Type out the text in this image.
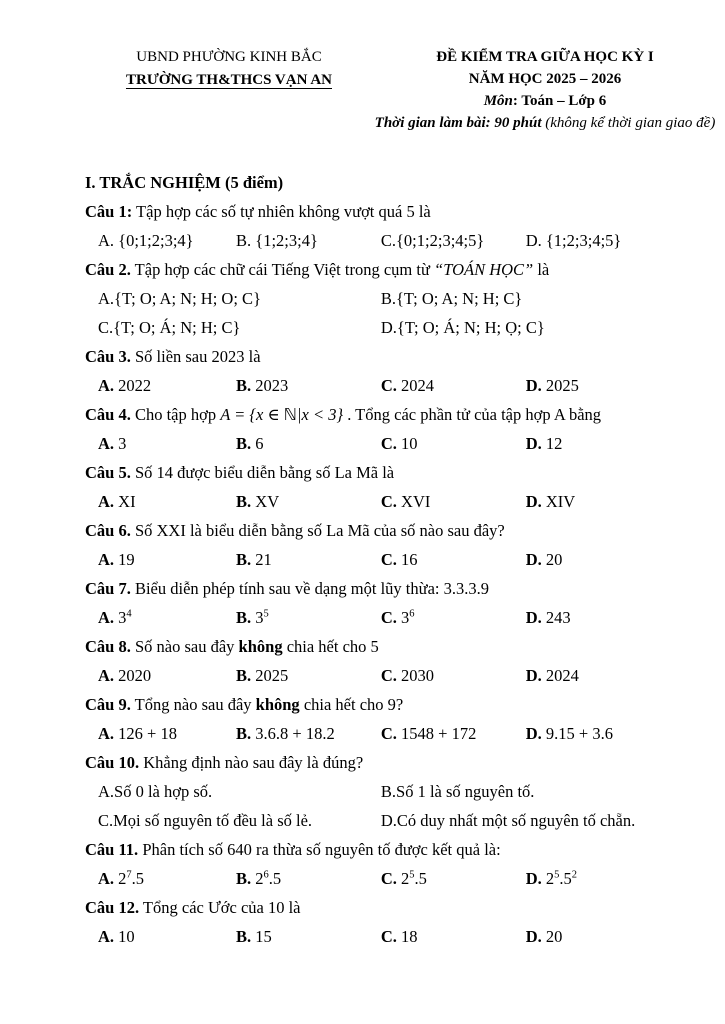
UBND PHƯỜNG KINH BẮC
TRƯỜNG TH&THCS VẠN AN
ĐỀ KIỂM TRA GIỮA HỌC KỲ I
NĂM HỌC 2025 – 2026
Môn: Toán – Lớp 6
Thời gian làm bài: 90 phút (không kể thời gian giao đề)
I. TRẮC NGHIỆM (5 điểm)
Câu 1: Tập hợp các số tự nhiên không vượt quá 5 là
A. {0;1;2;3;4}	B. {1;2;3;4}	C.{0;1;2;3;4;5}	D. {1;2;3;4;5}
Câu 2. Tập hợp các chữ cái Tiếng Việt trong cụm từ “TOÁN HỌC” là
A.{T; O; A; N; H; O; C}	B.{T; O; A; N; H; C}
C.{T; O; Á; N; H; C}	D.{T; O; Á; N; H; Ọ; C}
Câu 3. Số liền sau 2023 là
A. 2022	B. 2023	C. 2024	D. 2025
Câu 4. Cho tập hợp A = {x ∈ ℕ|x < 3} . Tổng các phần tử của tập hợp A bằng
A. 3	B. 6	C. 10	D. 12
Câu 5. Số 14 được biểu diễn bằng số La Mã là
A. XI	B. XV	C. XVI	D. XIV
Câu 6. Số XXI là biểu diễn bằng số La Mã của số nào sau đây?
A. 19	B. 21	C. 16	D. 20
Câu 7. Biểu diễn phép tính sau về dạng một lũy thừa: 3.3.3.9
A. $3^4$	B. $3^5$	C. $3^6$	D. 243
Câu 8. Số nào sau đây không chia hết cho 5
A. 2020	B. 2025	C. 2030	D. 2024
Câu 9. Tổng nào sau đây không chia hết cho 9?
A. 126 + 18	B. 3.6.8 + 18.2	C. 1548 + 172	D. 9.15 + 3.6
Câu 10. Khẳng định nào sau đây là đúng?
A.Số 0 là hợp số.	B.Số 1 là số nguyên tố.
C.Mọi số nguyên tố đều là số lẻ.	D.Có duy nhất một số nguyên tố chẵn.
Câu 11. Phân tích số 640 ra thừa số nguyên tố được kết quả là:
A. $2^7.5$	B. $2^6.5$	C. $2^5.5$	D. $2^5.5^2$
Câu 12. Tổng các Ước của 10 là
A. 10	B. 15	C. 18	D. 20
